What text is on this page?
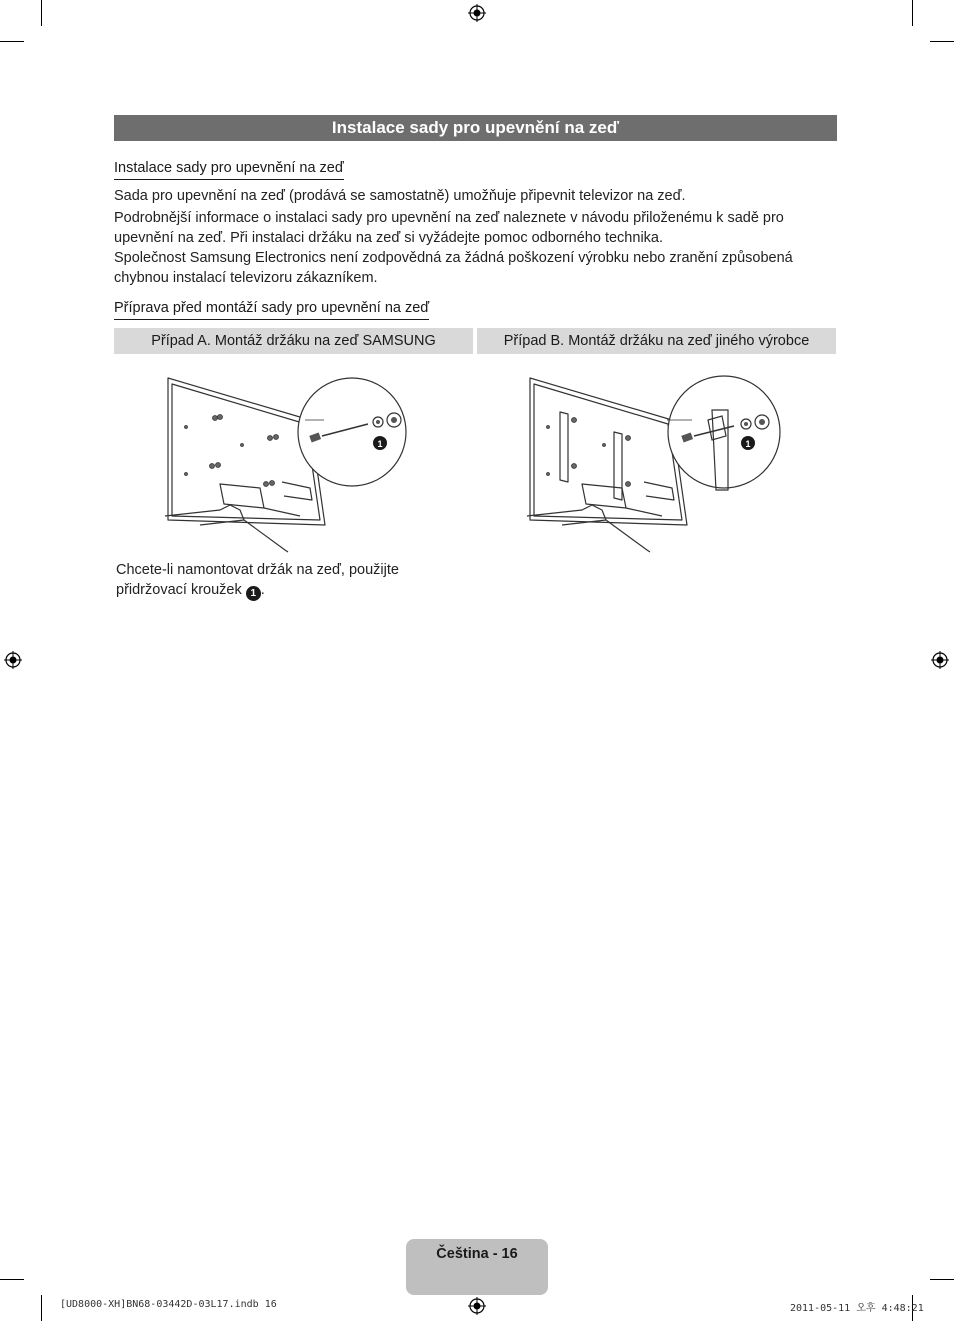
Instalace sady pro upevnění na zeď
Instalace sady pro upevnění na zeď

Sada pro upevnění na zeď (prodává se samostatně) umožňuje připevnit televizor na zeď.

Podrobnější informace o instalaci sady pro upevnění na zeď naleznete v návodu přiloženému k sadě pro upevnění na zeď. Při instalaci držáku na zeď si vyžádejte pomoc odborného technika.

Společnost Samsung Electronics není zodpovědná za žádná poškození výrobku nebo zranění způsobená chybnou instalací televizoru zákazníkem.

Příprava před montáží sady pro upevnění na zeď
Případ A. Montáž držáku na zeď SAMSUNG	Případ B. Montáž držáku na zeď jiného výrobce
1	1

Chcete-li namontovat držák na zeď, použijte přidržovací kroužek 1 .

Čeština - 16
[UD8000-XH]BN68-03442D-03L17.indb 16	2011-05-11 오후 4:48:21
